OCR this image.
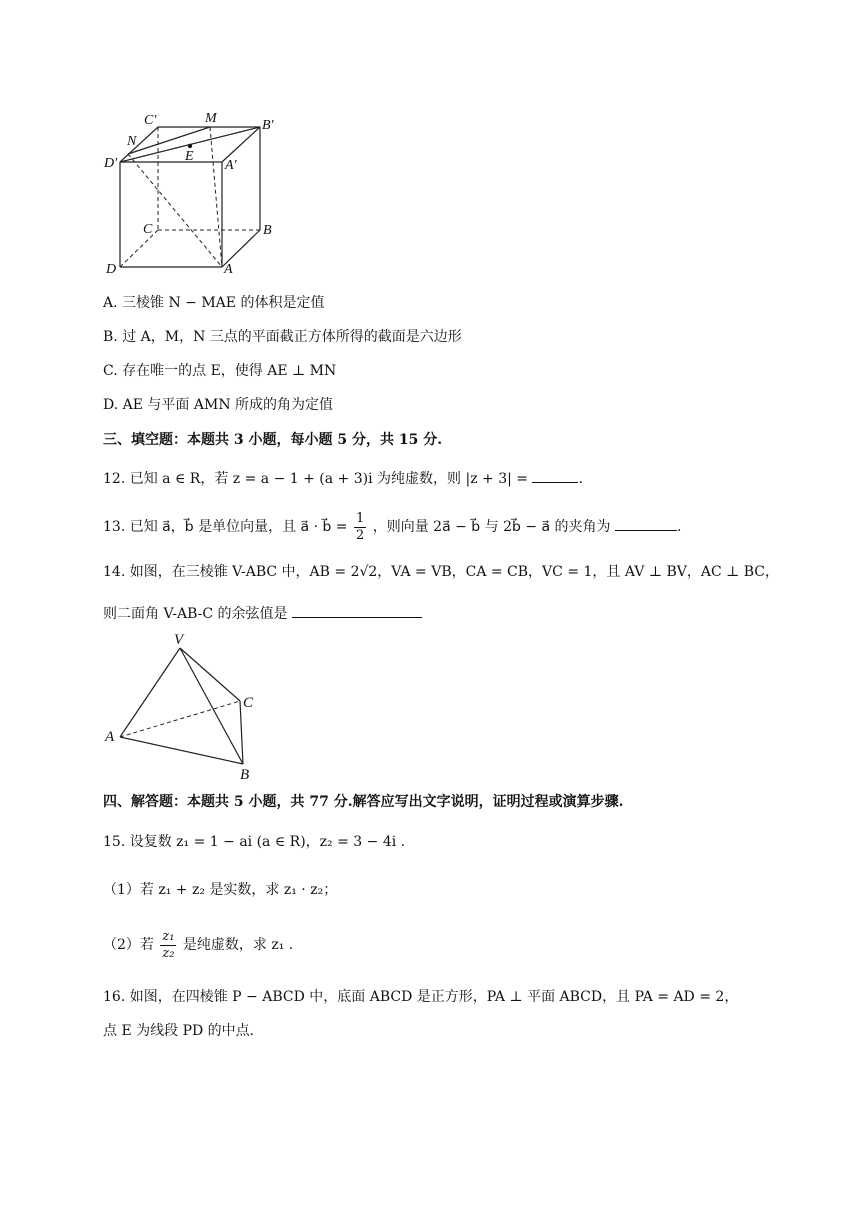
C′	M	B′
N
E
D′	A′
C	B
D	A
A. 三棱锥 N − MAE 的体积是定值
B. 过 A，M，N 三点的平面截正方体所得的截面是六边形
C. 存在唯一的点 E，使得 AE ⊥ MN
D. AE 与平面 AMN 所成的角为定值
三、填空题：本题共 3 小题，每小题 5 分，共 15 分.
12. 已知 a ∈ R，若 z = a − 1 + (a + 3)i 为纯虚数，则 |z + 3| =	.
13. 已知 a⃗，b⃗ 是单位向量，且 a⃗ · b⃗ = $\frac{1}{2}$ ，则向量 2a⃗ − b⃗ 与 2b⃗ − a⃗ 的夹角为	.
14. 如图，在三棱锥 V-ABC 中，AB = 2√2，VA = VB，CA = CB，VC = 1，且 AV ⊥ BV，AC ⊥ BC，
则二面角 V-AB-C 的余弦值是
V
C
A
B
四、解答题：本题共 5 小题，共 77 分.解答应写出文字说明，证明过程或演算步骤.
15. 设复数 z₁ = 1 − ai (a ∈ R)，z₂ = 3 − 4i .
（1）若 z₁ + z₂ 是实数，求 z₁ · z₂；
（2）若 $\frac{\text{z₁}}{\text{z₂}}$ 是纯虚数，求 z₁ .
16. 如图，在四棱锥 P − ABCD 中，底面 ABCD 是正方形，PA ⊥ 平面 ABCD，且 PA = AD = 2，
点 E 为线段 PD 的中点.
